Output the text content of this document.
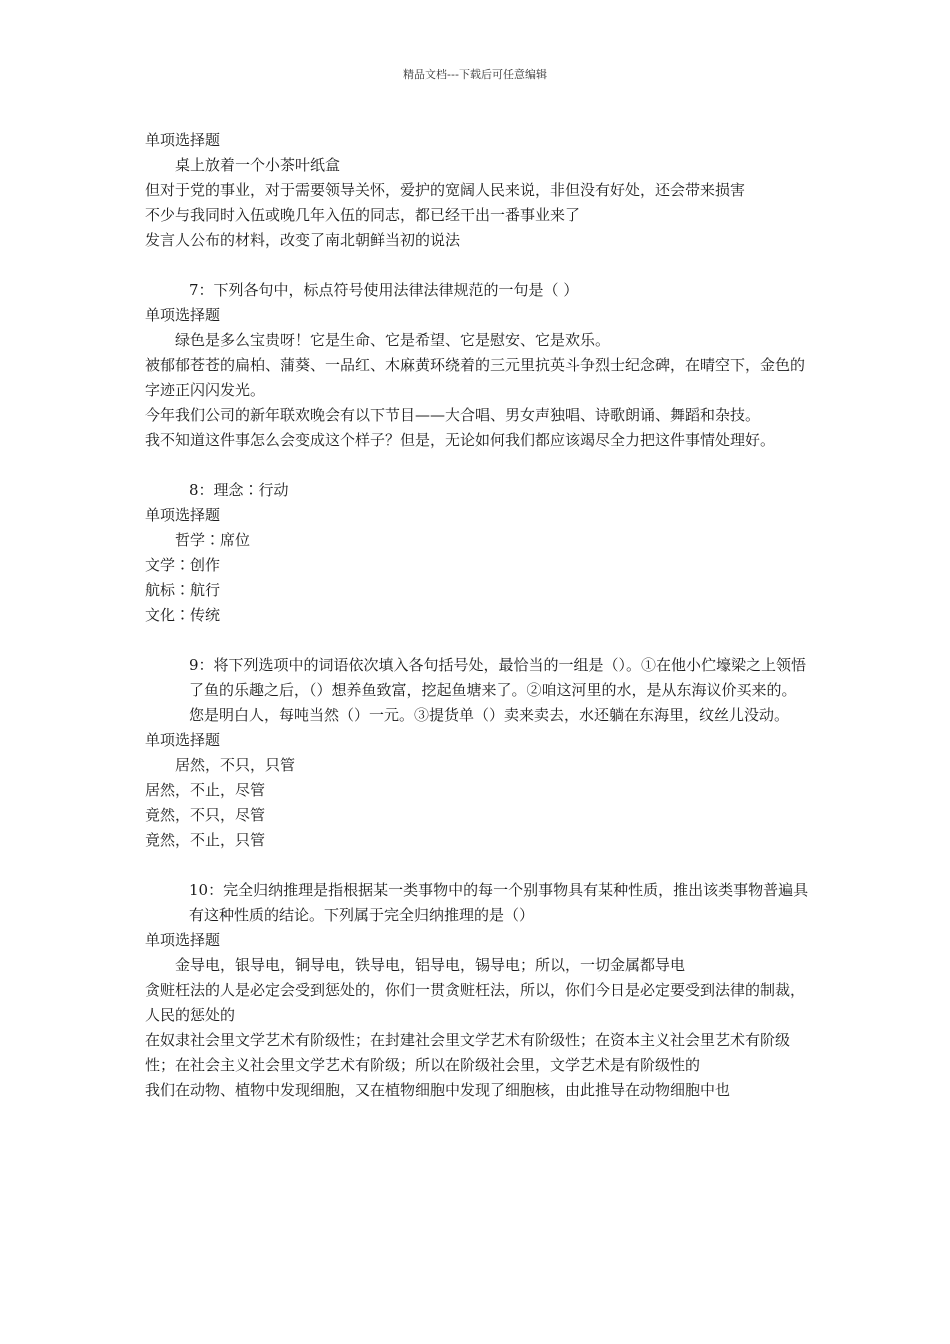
精品文档---下载后可任意编辑

单项选择题

桌上放着一个小茶叶纸盒

但对于党的事业，对于需要领导关怀，爱护的宽阔人民来说，非但没有好处，还会带来损害

不少与我同时入伍或晚几年入伍的同志，都已经干出一番事业来了

发言人公布的材料，改变了南北朝鲜当初的说法

7：下列各句中，标点符号使用法律法律规范的一句是（ ）

单项选择题

绿色是多么宝贵呀！它是生命、它是希望、它是慰安、它是欢乐。

被郁郁苍苍的扁柏、蒲葵、一品红、木麻黄环绕着的三元里抗英斗争烈士纪念碑，在晴空下，金色的字迹正闪闪发光。

今年我们公司的新年联欢晚会有以下节目——大合唱、男女声独唱、诗歌朗诵、舞蹈和杂技。

我不知道这件事怎么会变成这个样子？但是，无论如何我们都应该竭尽全力把这件事情处理好。

8：理念∶行动

单项选择题

哲学∶席位

文学∶创作

航标∶航行

文化∶传统

9：将下列选项中的词语依次填入各句括号处，最恰当的一组是（）。①在他小伫壕梁之上领悟了鱼的乐趣之后，（）想养鱼致富，挖起鱼塘来了。②咱这河里的水，是从东海议价买来的。您是明白人，每吨当然（）一元。③提货单（）卖来卖去，水还躺在东海里，纹丝儿没动。

单项选择题

居然，不只，只管

居然，不止，尽管

竟然，不只，尽管

竟然，不止，只管

10：完全归纳推理是指根据某一类事物中的每一个别事物具有某种性质，推出该类事物普遍具有这种性质的结论。下列属于完全归纳推理的是（）

单项选择题

金导电，银导电，铜导电，铁导电，铝导电，锡导电；所以，一切金属都导电

贪赃枉法的人是必定会受到惩处的，你们一贯贪赃枉法，所以，你们今日是必定要受到法律的制裁，人民的惩处的

在奴隶社会里文学艺术有阶级性；在封建社会里文学艺术有阶级性；在资本主义社会里艺术有阶级性；在社会主义社会里文学艺术有阶级；所以在阶级社会里，文学艺术是有阶级性的

我们在动物、植物中发现细胞，又在植物细胞中发现了细胞核，由此推导在动物细胞中也
